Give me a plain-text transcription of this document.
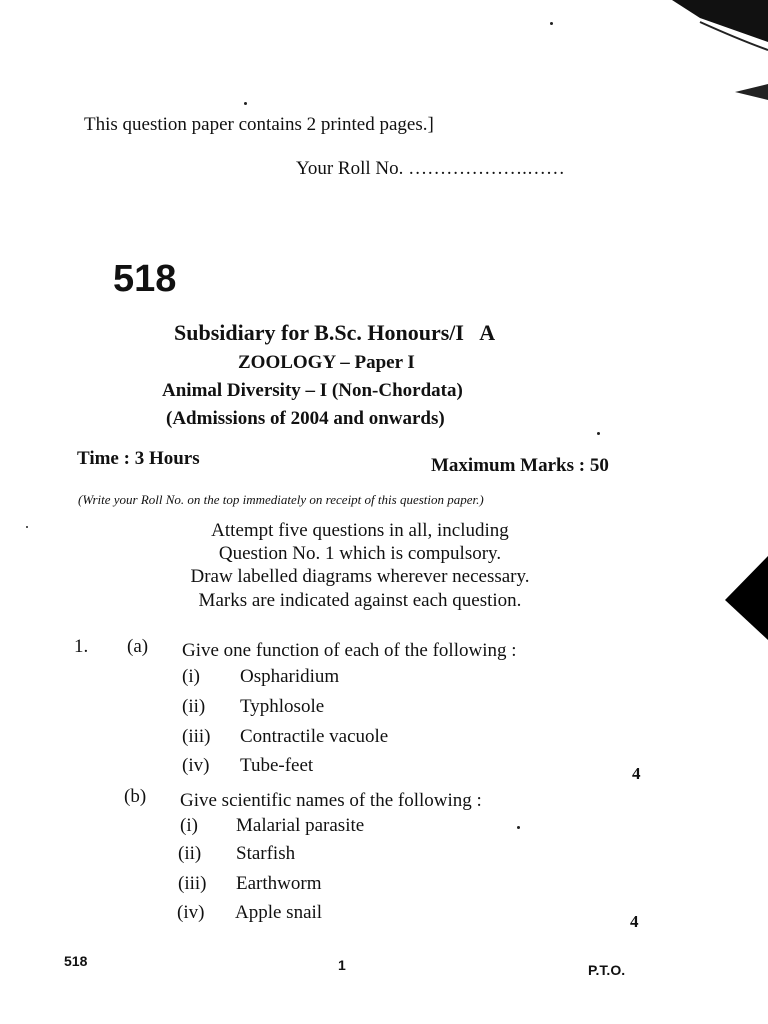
This question paper contains 2 printed pages.]
Your Roll No. ……………….……
518
Subsidiary for B.Sc. Honours/I   A
ZOOLOGY – Paper I
Animal Diversity – I (Non-Chordata)
(Admissions of 2004 and onwards)
Time : 3 Hours	Maximum Marks : 50
(Write your Roll No. on the top immediately on receipt of this question paper.)
Attempt five questions in all, including
Question No. 1 which is compulsory.
Draw labelled diagrams wherever necessary.
Marks are indicated against each question.
1. (a) Give one function of each of the following :
(i) Ospharidium
(ii) Typhlosole
(iii) Contractile vacuole
(iv) Tube-feet	4
(b) Give scientific names of the following :
(i) Malarial parasite
(ii) Starfish
(iii) Earthworm
(iv) Apple snail	4
518	1	P.T.O.
